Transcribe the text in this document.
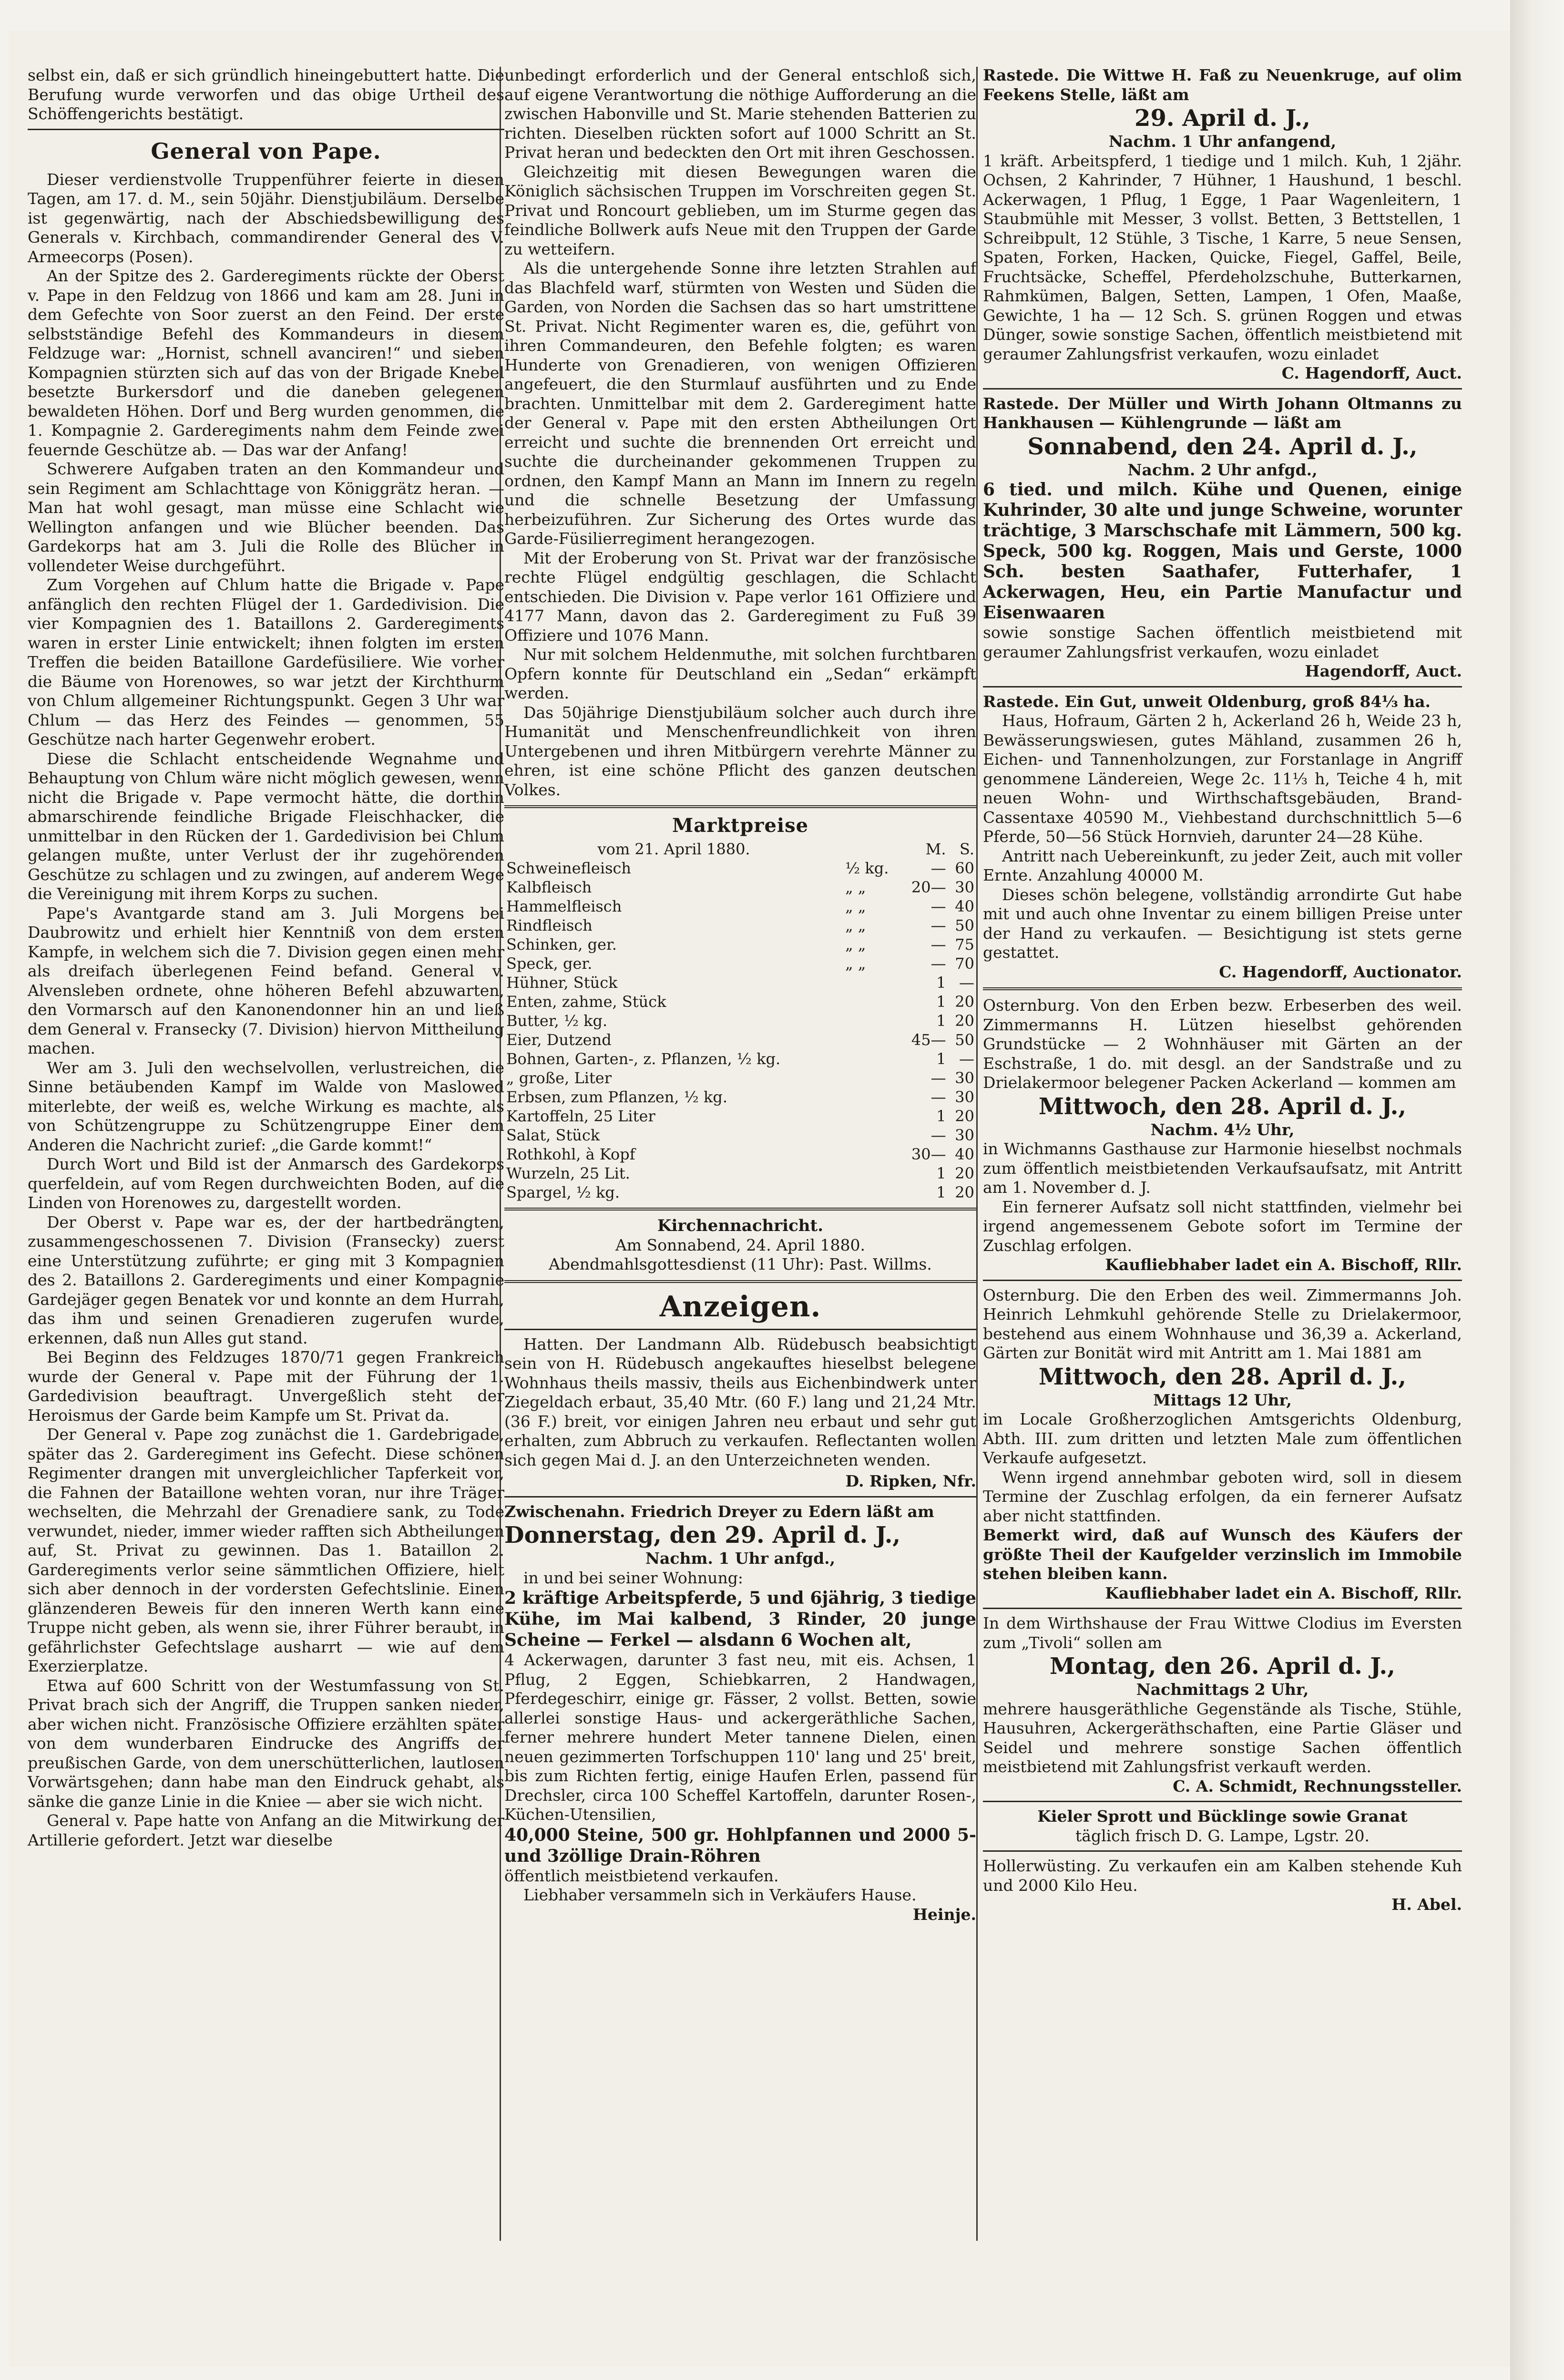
selbst ein, daß er sich gründlich hineingebuttert hatte. Die Berufung wurde verworfen und das obige Urtheil des Schöffengerichts bestätigt.

General von Pape.

Dieser verdienstvolle Truppenführer feierte in diesen Tagen, am 17. d. M., sein 50jähr. Dienstjubiläum. Derselbe ist gegenwärtig, nach der Abschiedsbewilligung des Generals v. Kirchbach, commandirender General des V. Armeecorps (Posen).

An der Spitze des 2. Garderegiments rückte der Oberst v. Pape in den Feldzug von 1866 und kam am 28. Juni in dem Gefechte von Soor zuerst an den Feind. Der erste selbstständige Befehl des Kommandeurs in diesem Feldzuge war: „Hornist, schnell avanciren!“ und sieben Kompagnien stürzten sich auf das von der Brigade Knebel besetzte Burkersdorf und die daneben gelegenen bewaldeten Höhen. Dorf und Berg wurden genommen, die 1. Kompagnie 2. Garderegiments nahm dem Feinde zwei feuernde Geschütze ab. — Das war der Anfang!

Schwerere Aufgaben traten an den Kommandeur und sein Regiment am Schlachttage von Königgrätz heran. — Man hat wohl gesagt, man müsse eine Schlacht wie Wellington anfangen und wie Blücher beenden. Das Gardekorps hat am 3. Juli die Rolle des Blücher in vollendeter Weise durchgeführt.

Zum Vorgehen auf Chlum hatte die Brigade v. Pape anfänglich den rechten Flügel der 1. Gardedivision. Die vier Kompagnien des 1. Bataillons 2. Garderegiments waren in erster Linie entwickelt; ihnen folgten im ersten Treffen die beiden Bataillone Gardefüsiliere. Wie vorher die Bäume von Horenowes, so war jetzt der Kirchthurm von Chlum allgemeiner Richtungspunkt. Gegen 3 Uhr war Chlum — das Herz des Feindes — genommen, 55 Geschütze nach harter Gegenwehr erobert.

Diese die Schlacht entscheidende Wegnahme und Behauptung von Chlum wäre nicht möglich gewesen, wenn nicht die Brigade v. Pape vermocht hätte, die dorthin abmarschirende feindliche Brigade Fleischhacker, die unmittelbar in den Rücken der 1. Gardedivision bei Chlum gelangen mußte, unter Verlust der ihr zugehörenden Geschütze zu schlagen und zu zwingen, auf anderem Wege die Vereinigung mit ihrem Korps zu suchen.

Pape's Avantgarde stand am 3. Juli Morgens bei Daubrowitz und erhielt hier Kenntniß von dem ersten Kampfe, in welchem sich die 7. Division gegen einen mehr als dreifach überlegenen Feind befand. General v. Alvensleben ordnete, ohne höheren Befehl abzuwarten, den Vormarsch auf den Kanonendonner hin an und ließ dem General v. Fransecky (7. Division) hiervon Mittheilung machen.

Wer am 3. Juli den wechselvollen, verlustreichen, die Sinne betäubenden Kampf im Walde von Maslowed miterlebte, der weiß es, welche Wirkung es machte, als von Schützengruppe zu Schützengruppe Einer dem Anderen die Nachricht zurief: „die Garde kommt!“

Durch Wort und Bild ist der Anmarsch des Gardekorps querfeldein, auf vom Regen durchweichten Boden, auf die Linden von Horenowes zu, dargestellt worden.

Der Oberst v. Pape war es, der der hartbedrängten, zusammengeschossenen 7. Division (Fransecky) zuerst eine Unterstützung zuführte; er ging mit 3 Kompagnien des 2. Bataillons 2. Garderegiments und einer Kompagnie Gardejäger gegen Benatek vor und konnte an dem Hurrah, das ihm und seinen Grenadieren zugerufen wurde, erkennen, daß nun Alles gut stand.

Bei Beginn des Feldzuges 1870/71 gegen Frankreich wurde der General v. Pape mit der Führung der 1. Gardedivision beauftragt. Unvergeßlich steht der Heroismus der Garde beim Kampfe um St. Privat da.

Der General v. Pape zog zunächst die 1. Gardebrigade, später das 2. Garderegiment ins Gefecht. Diese schönen Regimenter drangen mit unvergleichlicher Tapferkeit vor, die Fahnen der Bataillone wehten voran, nur ihre Träger wechselten, die Mehrzahl der Grenadiere sank, zu Tode verwundet, nieder, immer wieder rafften sich Abtheilungen auf, St. Privat zu gewinnen. Das 1. Bataillon 2. Garderegiments verlor seine sämmtlichen Offiziere, hielt sich aber dennoch in der vordersten Gefechtslinie. Einen glänzenderen Beweis für den inneren Werth kann eine Truppe nicht geben, als wenn sie, ihrer Führer beraubt, in gefährlichster Gefechtslage ausharrt — wie auf dem Exerzierplatze.

Etwa auf 600 Schritt von der Westumfassung von St. Privat brach sich der Angriff, die Truppen sanken nieder, aber wichen nicht. Französische Offiziere erzählten später von dem wunderbaren Eindrucke des Angriffs der preußischen Garde, von dem unerschütterlichen, lautlosen Vorwärtsgehen; dann habe man den Eindruck gehabt, als sänke die ganze Linie in die Kniee — aber sie wich nicht.

General v. Pape hatte von Anfang an die Mitwirkung der Artillerie gefordert. Jetzt war dieselbe

unbedingt erforderlich und der General entschloß sich, auf eigene Verantwortung die nöthige Aufforderung an die zwischen Habonville und St. Marie stehenden Batterien zu richten. Dieselben rückten sofort auf 1000 Schritt an St. Privat heran und bedeckten den Ort mit ihren Geschossen.

Gleichzeitig mit diesen Bewegungen waren die Königlich sächsischen Truppen im Vorschreiten gegen St. Privat und Roncourt geblieben, um im Sturme gegen das feindliche Bollwerk aufs Neue mit den Truppen der Garde zu wetteifern.

Als die untergehende Sonne ihre letzten Strahlen auf das Blachfeld warf, stürmten von Westen und Süden die Garden, von Norden die Sachsen das so hart umstrittene St. Privat. Nicht Regimenter waren es, die, geführt von ihren Commandeuren, den Befehle folgten; es waren Hunderte von Grenadieren, von wenigen Offizieren angefeuert, die den Sturmlauf ausführten und zu Ende brachten. Unmittelbar mit dem 2. Garderegiment hatte der General v. Pape mit den ersten Abtheilungen Ort erreicht und suchte die brennenden Ort erreicht und suchte die durcheinander gekommenen Truppen zu ordnen, den Kampf Mann an Mann im Innern zu regeln und die schnelle Besetzung der Umfassung herbeizuführen. Zur Sicherung des Ortes wurde das Garde-Füsilierregiment herangezogen.

Mit der Eroberung von St. Privat war der französische rechte Flügel endgültig geschlagen, die Schlacht entschieden. Die Division v. Pape verlor 161 Offiziere und 4177 Mann, davon das 2. Garderegiment zu Fuß 39 Offiziere und 1076 Mann.

Nur mit solchem Heldenmuthe, mit solchen furchtbaren Opfern konnte für Deutschland ein „Sedan“ erkämpft werden.

Das 50jährige Dienstjubiläum solcher auch durch ihre Humanität und Menschenfreundlichkeit von ihren Untergebenen und ihren Mitbürgern verehrte Männer zu ehren, ist eine schöne Pflicht des ganzen deutschen Volkes.

Marktpreise
vom 21. April 1880.		M.	S.
Schweinefleisch	½ kg.	—	60
Kalbfleisch	„ „	20—	30
Hammelfleisch	„ „	—	40
Rindfleisch	„ „	—	50
Schinken, ger.	„ „	—	75
Speck, ger.	„ „	—	70
Hühner, Stück		1	—
Enten, zahme, Stück		1	20
Butter, ½ kg.		1	20
Eier, Dutzend		45—	50
Bohnen, Garten-, z. Pflanzen, ½ kg.		1	—
„ große, Liter		—	30
Erbsen, zum Pflanzen, ½ kg.		—	30
Kartoffeln, 25 Liter		1	20
Salat, Stück		—	30
Rothkohl, à Kopf		30—	40
Wurzeln, 25 Lit.		1	20
Spargel, ½ kg.		1	20
Kirchennachricht.
Am Sonnabend, 24. April 1880.
Abendmahlsgottesdienst (11 Uhr): Past. Willms.
Anzeigen.

Hatten. Der Landmann Alb. Rüdebusch beabsichtigt sein von H. Rüdebusch angekauftes hieselbst belegene Wohnhaus theils massiv, theils aus Eichenbindwerk unter Ziegeldach erbaut, 35,40 Mtr. (60 F.) lang und 21,24 Mtr. (36 F.) breit, vor einigen Jahren neu erbaut und sehr gut erhalten, zum Abbruch zu verkaufen. Reflectanten wollen sich gegen Mai d. J. an den Unterzeichneten wenden.

D. Ripken, Nfr.

Zwischenahn. Friedrich Dreyer zu Edern läßt am

Donnerstag, den 29. April d. J.,
Nachm. 1 Uhr anfgd.,
in und bei seiner Wohnung:

2 kräftige Arbeitspferde, 5 und 6jährig, 3 tiedige Kühe, im Mai kalbend, 3 Rinder, 20 junge Scheine — Ferkel — alsdann 6 Wochen alt,

4 Ackerwagen, darunter 3 fast neu, mit eis. Achsen, 1 Pflug, 2 Eggen, Schiebkarren, 2 Handwagen, Pferdegeschirr, einige gr. Fässer, 2 vollst. Betten, sowie allerlei sonstige Haus- und ackergeräthliche Sachen, ferner mehrere hundert Meter tannene Dielen, einen neuen gezimmerten Torfschuppen 110' lang und 25' breit, bis zum Richten fertig, einige Haufen Erlen, passend für Drechsler, circa 100 Scheffel Kartoffeln, darunter Rosen-, Küchen-Utensilien,

40,000 Steine, 500 gr. Hohlpfannen und 2000 5- und 3zöllige Drain-Röhren

öffentlich meistbietend verkaufen.

Liebhaber versammeln sich in Verkäufers Hause.

Heinje.

Rastede. Die Wittwe H. Faß zu Neuenkruge, auf olim Feekens Stelle, läßt am

29. April d. J.,
Nachm. 1 Uhr anfangend,

1 kräft. Arbeitspferd, 1 tiedige und 1 milch. Kuh, 1 2jähr. Ochsen, 2 Kahrinder, 7 Hühner, 1 Haushund, 1 beschl. Ackerwagen, 1 Pflug, 1 Egge, 1 Paar Wagenleitern, 1 Staubmühle mit Messer, 3 vollst. Betten, 3 Bettstellen, 1 Schreibpult, 12 Stühle, 3 Tische, 1 Karre, 5 neue Sensen, Spaten, Forken, Hacken, Quicke, Fiegel, Gaffel, Beile, Fruchtsäcke, Scheffel, Pferdeholzschuhe, Butterkarnen, Rahmkümen, Balgen, Setten, Lampen, 1 Ofen, Maaße, Gewichte, 1 ha — 12 Sch. S. grünen Roggen und etwas Dünger, sowie sonstige Sachen, öffentlich meistbietend mit geraumer Zahlungsfrist verkaufen, wozu einladet

C. Hagendorff, Auct.

Rastede. Der Müller und Wirth Johann Oltmanns zu Hankhausen — Kühlengrunde — läßt am

Sonnabend, den 24. April d. J.,
Nachm. 2 Uhr anfgd.,

6 tied. und milch. Kühe und Quenen, einige Kuhrinder, 30 alte und junge Schweine, worunter trächtige, 3 Marschschafe mit Lämmern, 500 kg. Speck, 500 kg. Roggen, Mais und Gerste, 1000 Sch. besten Saathafer, Futterhafer, 1 Ackerwagen, Heu, ein Partie Manufactur und Eisenwaaren

sowie sonstige Sachen öffentlich meistbietend mit geraumer Zahlungsfrist verkaufen, wozu einladet

Hagendorff, Auct.

Rastede. Ein Gut, unweit Oldenburg, groß 84⅓ ha.

Haus, Hofraum, Gärten 2 h, Ackerland 26 h, Weide 23 h, Bewässerungswiesen, gutes Mähland, zusammen 26 h, Eichen- und Tannenholzungen, zur Forstanlage in Angriff genommene Ländereien, Wege 2c. 11⅓ h, Teiche 4 h, mit neuen Wohn- und Wirthschaftsgebäuden, Brand-Cassentaxe 40590 M., Viehbestand durchschnittlich 5—6 Pferde, 50—56 Stück Hornvieh, darunter 24—28 Kühe.

Antritt nach Uebereinkunft, zu jeder Zeit, auch mit voller Ernte. Anzahlung 40000 M.

Dieses schön belegene, vollständig arrondirte Gut habe mit und auch ohne Inventar zu einem billigen Preise unter der Hand zu verkaufen. — Besichtigung ist stets gerne gestattet.

C. Hagendorff, Auctionator.

Osternburg. Von den Erben bezw. Erbeserben des weil. Zimmermanns H. Lützen hieselbst gehörenden Grundstücke — 2 Wohnhäuser mit Gärten an der Eschstraße, 1 do. mit desgl. an der Sandstraße und zu Drielakermoor belegener Packen Ackerland — kommen am

Mittwoch, den 28. April d. J.,
Nachm. 4½ Uhr,

in Wichmanns Gasthause zur Harmonie hieselbst nochmals zum öffentlich meistbietenden Verkaufsaufsatz, mit Antritt am 1. November d. J.

Ein fernerer Aufsatz soll nicht stattfinden, vielmehr bei irgend angemessenem Gebote sofort im Termine der Zuschlag erfolgen.

Kaufliebhaber ladet ein A. Bischoff, Rllr.

Osternburg. Die den Erben des weil. Zimmermanns Joh. Heinrich Lehmkuhl gehörende Stelle zu Drielakermoor, bestehend aus einem Wohnhause und 36,39 a. Ackerland, Gärten zur Bonität wird mit Antritt am 1. Mai 1881 am

Mittwoch, den 28. April d. J.,
Mittags 12 Uhr,

im Locale Großherzoglichen Amtsgerichts Oldenburg, Abth. III. zum dritten und letzten Male zum öffentlichen Verkaufe aufgesetzt.

Wenn irgend annehmbar geboten wird, soll in diesem Termine der Zuschlag erfolgen, da ein fernerer Aufsatz aber nicht stattfinden.

Bemerkt wird, daß auf Wunsch des Käufers der größte Theil der Kaufgelder verzinslich im Immobile stehen bleiben kann.

Kaufliebhaber ladet ein A. Bischoff, Rllr.

In dem Wirthshause der Frau Wittwe Clodius im Eversten zum „Tivoli“ sollen am

Montag, den 26. April d. J.,
Nachmittags 2 Uhr,

mehrere hausgeräthliche Gegenstände als Tische, Stühle, Hausuhren, Ackergeräthschaften, eine Partie Gläser und Seidel und mehrere sonstige Sachen öffentlich meistbietend mit Zahlungsfrist verkauft werden.

C. A. Schmidt, Rechnungssteller.
Kieler Sprott und Bücklinge sowie Granat
täglich frisch D. G. Lampe, Lgstr. 20.

Hollerwüsting. Zu verkaufen ein am Kalben stehende Kuh und 2000 Kilo Heu.

H. Abel.
